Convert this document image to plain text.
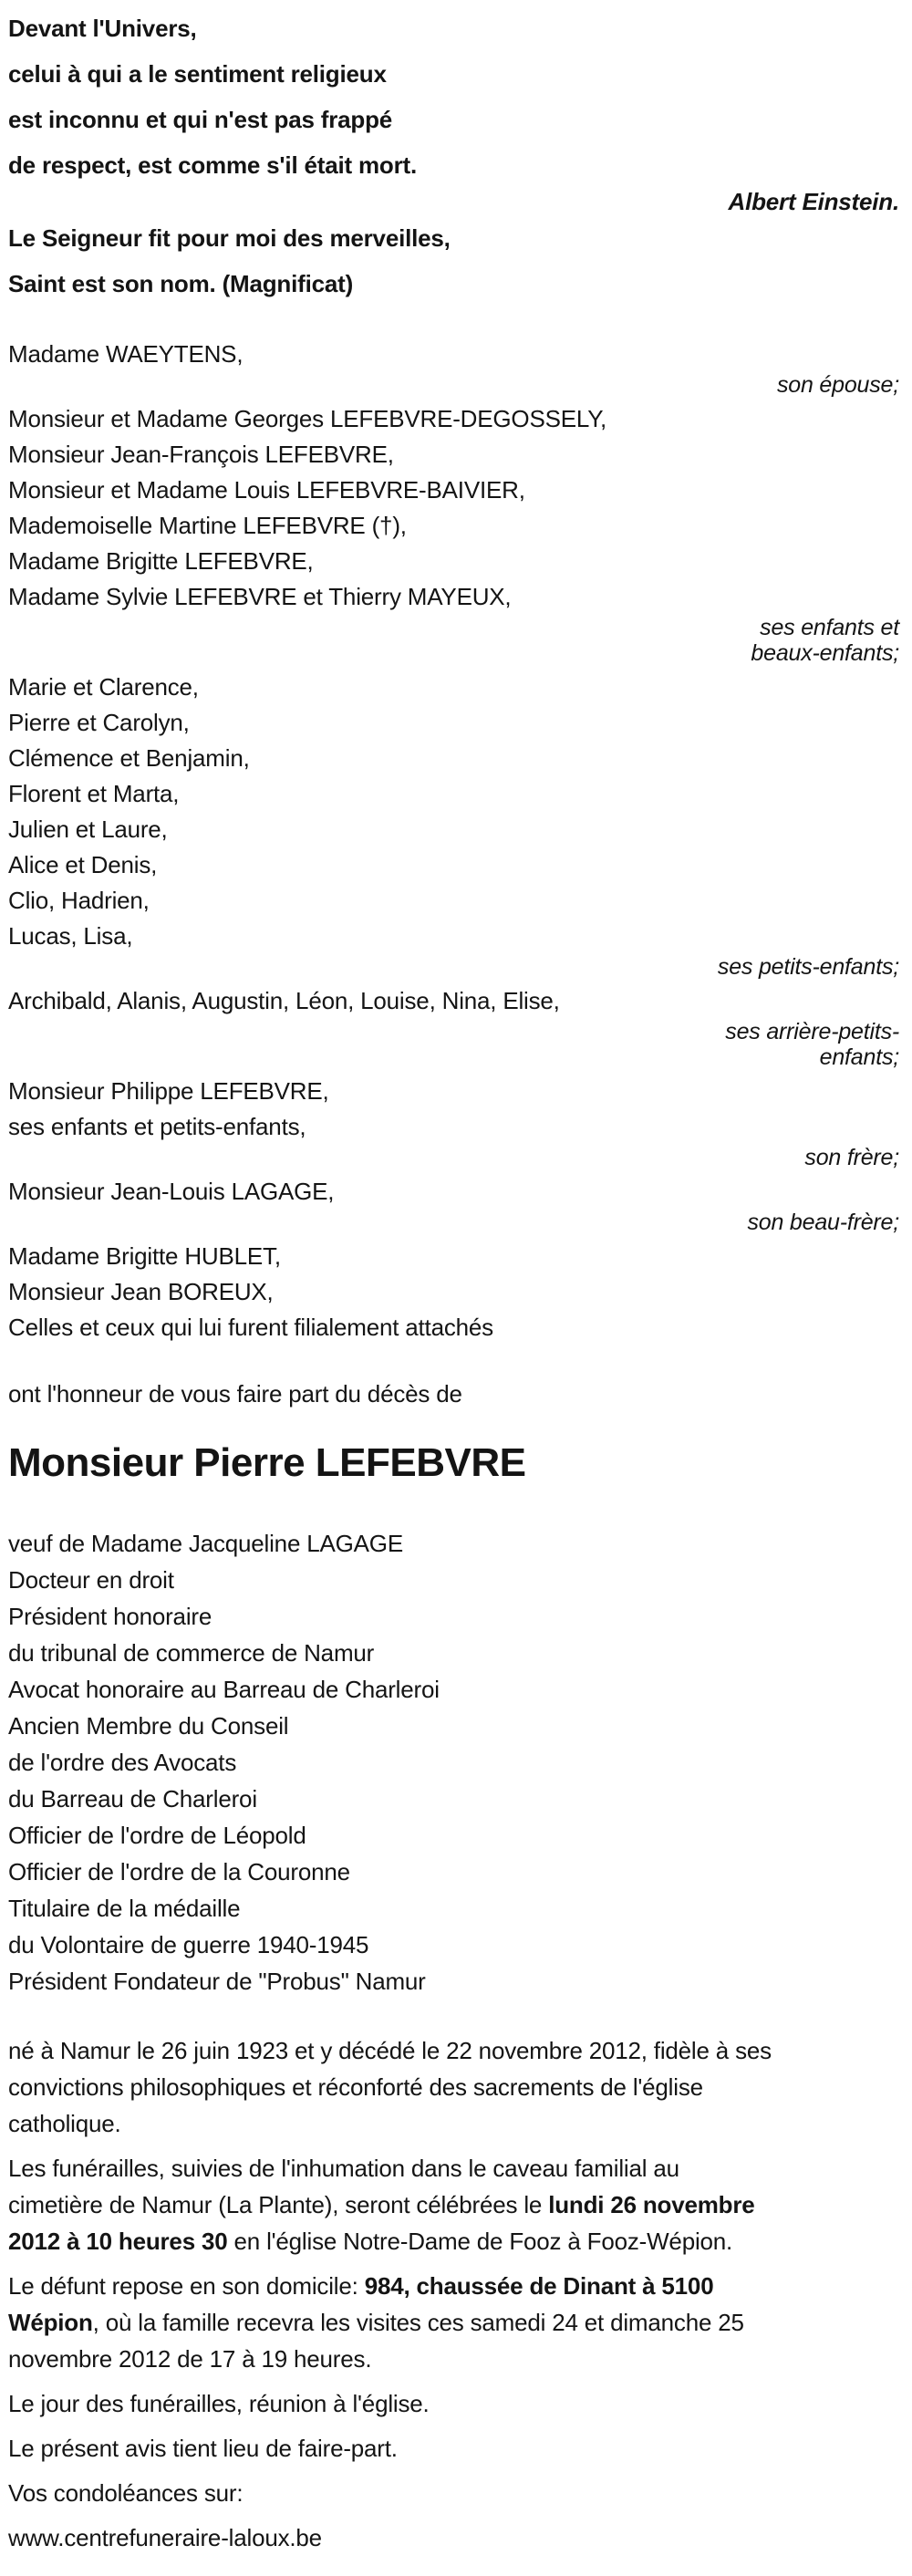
Devant l'Univers,
celui à qui a le sentiment religieux
est inconnu et qui n'est pas frappé
de respect, est comme s'il était mort.
Albert Einstein.
Le Seigneur fit pour moi des merveilles,
Saint est son nom. (Magnificat)
Madame WAEYTENS,
son épouse;
Monsieur et Madame Georges LEFEBVRE-DEGOSSELY,
Monsieur Jean-François LEFEBVRE,
Monsieur et Madame Louis LEFEBVRE-BAIVIER,
Mademoiselle Martine LEFEBVRE (†),
Madame Brigitte LEFEBVRE,
Madame Sylvie LEFEBVRE et Thierry MAYEUX,
ses enfants et
beaux-enfants;
Marie et Clarence,
Pierre et Carolyn,
Clémence et Benjamin,
Florent et Marta,
Julien et Laure,
Alice et Denis,
Clio, Hadrien,
Lucas, Lisa,
ses petits-enfants;
Archibald, Alanis, Augustin, Léon, Louise, Nina, Elise,
ses arrière-petits-
enfants;
Monsieur Philippe LEFEBVRE,
ses enfants et petits-enfants,
son frère;
Monsieur Jean-Louis LAGAGE,
son beau-frère;
Madame Brigitte HUBLET,
Monsieur Jean BOREUX,
Celles et ceux qui lui furent filialement attachés
ont l'honneur de vous faire part du décès de
Monsieur Pierre LEFEBVRE
veuf de Madame Jacqueline LAGAGE
Docteur en droit
Président honoraire
du tribunal de commerce de Namur
Avocat honoraire au Barreau de Charleroi
Ancien Membre du Conseil
de l'ordre des Avocats
du Barreau de Charleroi
Officier de l'ordre de Léopold
Officier de l'ordre de la Couronne
Titulaire de la médaille
du Volontaire de guerre 1940-1945
Président Fondateur de "Probus" Namur
né à Namur le 26 juin 1923 et y décédé le 22 novembre 2012, fidèle à ses
convictions philosophiques et réconforté des sacrements de l'église
catholique.
Les funérailles, suivies de l'inhumation dans le caveau familial au
cimetière de Namur (La Plante), seront célébrées le lundi 26 novembre
2012 à 10 heures 30 en l'église Notre-Dame de Fooz à Fooz-Wépion.
Le défunt repose en son domicile: 984, chaussée de Dinant à 5100
Wépion, où la famille recevra les visites ces samedi 24 et dimanche 25
novembre 2012 de 17 à 19 heures.
Le jour des funérailles, réunion à l'église.
Le présent avis tient lieu de faire-part.
Vos condoléances sur:
www.centrefuneraire-laloux.be
